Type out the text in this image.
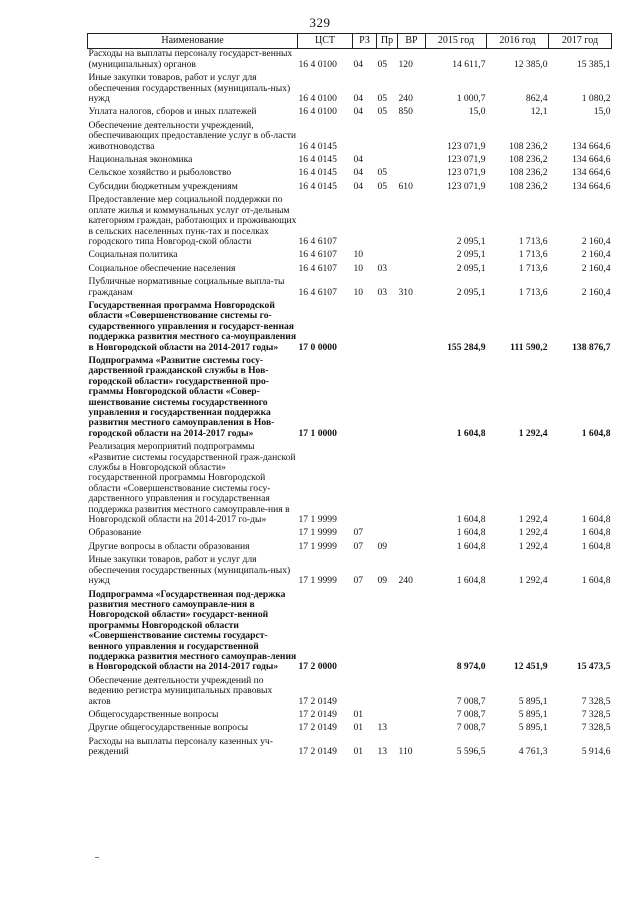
329
Наименование	ЦСТ	РЗ	Пр	ВР	2015 год	2016 год	2017 год
Расходы на выплаты персоналу государст-венных (муниципальных) органов	16 4 0100	04	05	120	14 611,7	12 385,0	15 385,1
Иные закупки товаров, работ и услуг для обеспечения государственных (муниципаль-ных) нужд	16 4 0100	04	05	240	1 000,7	862,4	1 080,2
Уплата налогов, сборов и иных платежей	16 4 0100	04	05	850	15,0	12,1	15,0
Обеспечение деятельности учреждений, обеспечивающих предоставление услуг в об-ласти животноводства	16 4 0145				123 071,9	108 236,2	134 664,6
Национальная экономика	16 4 0145	04			123 071,9	108 236,2	134 664,6
Сельское хозяйство и рыболовство	16 4 0145	04	05		123 071,9	108 236,2	134 664,6
Субсидии бюджетным учреждениям	16 4 0145	04	05	610	123 071,9	108 236,2	134 664,6
Предоставление мер социальной поддержки по оплате жилья и коммунальных услуг от-дельным категориям граждан, работающих и проживающих в сельских населенных пунк-тах и поселках городского типа Новгород-ской области	16 4 6107				2 095,1	1 713,6	2 160,4
Социальная политика	16 4 6107	10			2 095,1	1 713,6	2 160,4
Социальное обеспечение населения	16 4 6107	10	03		2 095,1	1 713,6	2 160,4
Публичные нормативные социальные выпла-ты гражданам	16 4 6107	10	03	310	2 095,1	1 713,6	2 160,4
Государственная программа Новгородской области «Совершенствование системы го-сударственного управления и государст-венная поддержка развития местного са-моуправления в Новгородской области на 2014-2017 годы»	17 0 0000				155 284,9	111 590,2	138 876,7
Подпрограмма «Развитие системы госу-дарственной гражданской службы в Нов-городской области» государственной про-граммы Новгородской области «Совер-шенствование системы государственного управления и государственная поддержка развития местного самоуправления в Нов-городской области на 2014-2017 годы»	17 1 0000				1 604,8	1 292,4	1 604,8
Реализация мероприятий подпрограммы «Развитие системы государственной граж-данской службы в Новгородской области» государственной программы Новгородской области «Совершенствование системы госу-дарственного управления и государственная поддержка развития местного самоуправле-ния в Новгородской области на 2014-2017 го-ды»	17 1 9999				1 604,8	1 292,4	1 604,8
Образование	17 1 9999	07			1 604,8	1 292,4	1 604,8
Другие вопросы в области образования	17 1 9999	07	09		1 604,8	1 292,4	1 604,8
Иные закупки товаров, работ и услуг для обеспечения государственных (муниципаль-ных) нужд	17 1 9999	07	09	240	1 604,8	1 292,4	1 604,8
Подпрограмма «Государственная под-держка развития местного самоуправле-ния в Новгородской области» государст-венной программы Новгородской области «Совершенствование системы государст-венного управления и государственной поддержка развития местного самоуправ-ления в Новгородской области на 2014-2017 годы»	17 2 0000				8 974,0	12 451,9	15 473,5
Обеспечение деятельности учреждений по ведению регистра муниципальных правовых актов	17 2 0149				7 008,7	5 895,1	7 328,5
Общегосударственные вопросы	17 2 0149	01			7 008,7	5 895,1	7 328,5
Другие общегосударственные вопросы	17 2 0149	01	13		7 008,7	5 895,1	7 328,5
Расходы на выплаты персоналу казенных уч-реждений	17 2 0149	01	13	110	5 596,5	4 761,3	5 914,6
